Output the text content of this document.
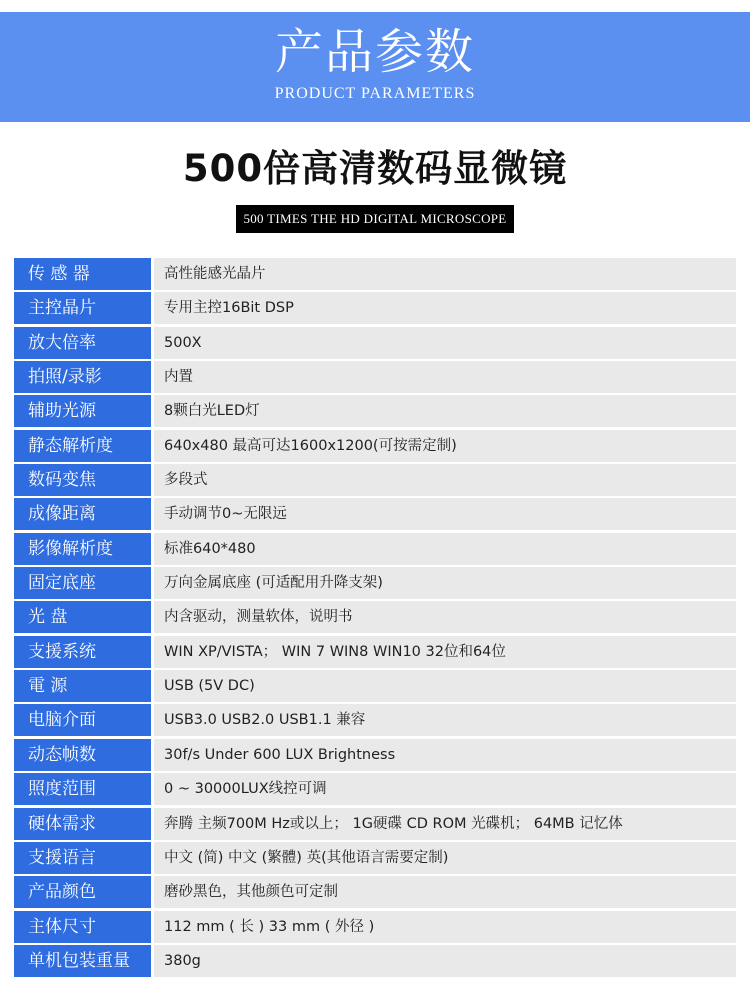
产品参数
PRODUCT PARAMETERS
500倍高清数码显微镜
500 TIMES THE HD DIGITAL MICROSCOPE
传 感 器	高性能感光晶片
主控晶片	专用主控16Bit DSP
放大倍率	500X
拍照/录影	内置
辅助光源	8颗白光LED灯
静态解析度	640x480 最高可达1600x1200(可按需定制)
数码变焦	多段式
成像距离	手动调节0~无限远
影像解析度	标准640*480
固定底座	万向金属底座 (可适配用升降支架)
光 盘	内含驱动，测量软体，说明书
支援系统	WIN XP/VISTA； WIN 7 WIN8 WIN10 32位和64位
電 源	USB (5V DC)
电脑介面	USB3.0 USB2.0 USB1.1 兼容
动态帧数	30f/s Under 600 LUX Brightness
照度范围	0 ~ 30000LUX线控可调
硬体需求	奔腾 主频700M Hz或以上； 1G硬碟 CD ROM 光碟机； 64MB 记忆体
支援语言	中文 (简) 中文 (繁體) 英(其他语言需要定制)
产品颜色	磨砂黑色，其他颜色可定制
主体尺寸	112 mm ( 长 ) 33 mm ( 外径 )
单机包装重量	380g
